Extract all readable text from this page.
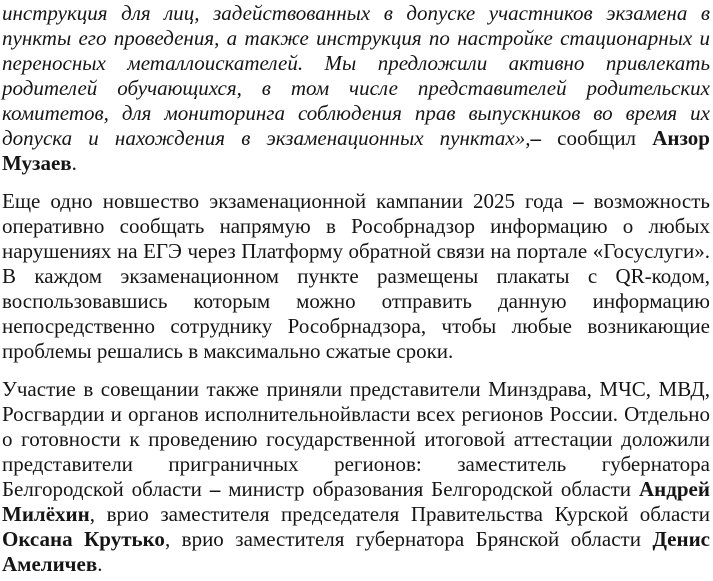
инструкция для лиц, задействованных в допуске участников экзамена в пункты его проведения, а также инструкция по настройке стационарных и переносных металлоискателей. Мы предложили активно привлекать родителей обучающихся, в том числе представителей родительских комитетов, для мониторинга соблюдения прав выпускников во время их допуска и нахождения в экзаменационных пунктах»,– сообщил Анзор Музаев.

Еще одно новшество экзаменационной кампании 2025 года – возможность оперативно сообщать напрямую в Рособрнадзор информацию о любых нарушениях на ЕГЭ через Платформу обратной связи на портале «Госуслуги». В каждом экзаменационном пункте размещены плакаты с QR-кодом, воспользовавшись которым можно отправить данную информацию непосредственно сотруднику Рособрнадзора, чтобы любые возникающие проблемы решались в максимально сжатые сроки.

Участие в совещании также приняли представители Минздрава, МЧС, МВД, Росгвардии и органов исполнительнойвласти всех регионов России. Отдельно о готовности к проведению государственной итоговой аттестации доложили представители приграничных регионов: заместитель губернатора Белгородской области – министр образования Белгородской области Андрей Милёхин, врио заместителя председателя Правительства Курской области Оксана Крутько, врио заместителя губернатора Брянской области Денис Амеличев.
